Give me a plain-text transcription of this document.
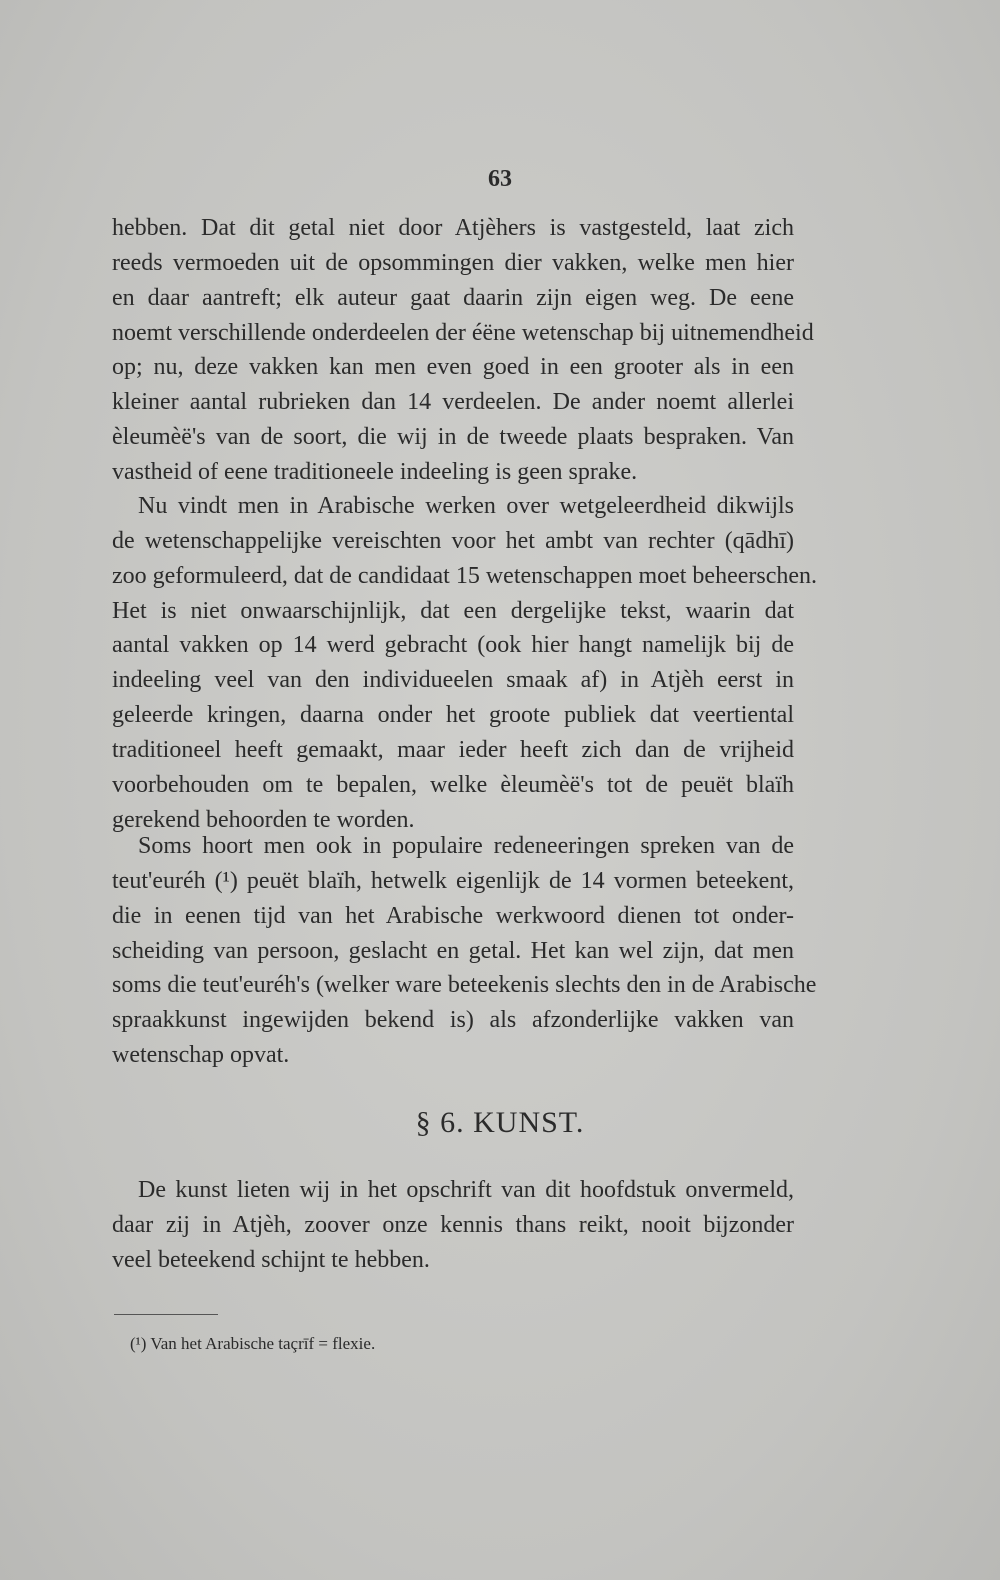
63
hebben. Dat dit getal niet door Atjèhers is vastgesteld, laat zich
reeds vermoeden uit de opsommingen dier vakken, welke men hier
en daar aantreft; elk auteur gaat daarin zijn eigen weg. De eene
noemt verschillende onderdeelen der éëne wetenschap bij uitnemendheid
op; nu, deze vakken kan men even goed in een grooter als in een
kleiner aantal rubrieken dan 14 verdeelen. De ander noemt allerlei
èleumèë's van de soort, die wij in de tweede plaats bespraken. Van
vastheid of eene traditioneele indeeling is geen sprake.
Nu vindt men in Arabische werken over wetgeleerdheid dikwijls
de wetenschappelijke vereischten voor het ambt van rechter (qādhī)
zoo geformuleerd, dat de candidaat 15 wetenschappen moet beheerschen.
Het is niet onwaarschijnlijk, dat een dergelijke tekst, waarin dat
aantal vakken op 14 werd gebracht (ook hier hangt namelijk bij de
indeeling veel van den individueelen smaak af) in Atjèh eerst in
geleerde kringen, daarna onder het groote publiek dat veertiental
traditioneel heeft gemaakt, maar ieder heeft zich dan de vrijheid
voorbehouden om te bepalen, welke èleumèë's tot de peuët blaïh
gerekend behoorden te worden.
Soms hoort men ook in populaire redeneeringen spreken van de
teut'euréh (¹) peuët blaïh, hetwelk eigenlijk de 14 vormen beteekent,
die in eenen tijd van het Arabische werkwoord dienen tot onder-
scheiding van persoon, geslacht en getal. Het kan wel zijn, dat men
soms die teut'euréh's (welker ware beteekenis slechts den in de Arabische
spraakkunst ingewijden bekend is) als afzonderlijke vakken van
wetenschap opvat.
§ 6. KUNST.
De kunst lieten wij in het opschrift van dit hoofdstuk onvermeld,
daar zij in Atjèh, zoover onze kennis thans reikt, nooit bijzonder
veel beteekend schijnt te hebben.
(¹) Van het Arabische taçrīf = flexie.
